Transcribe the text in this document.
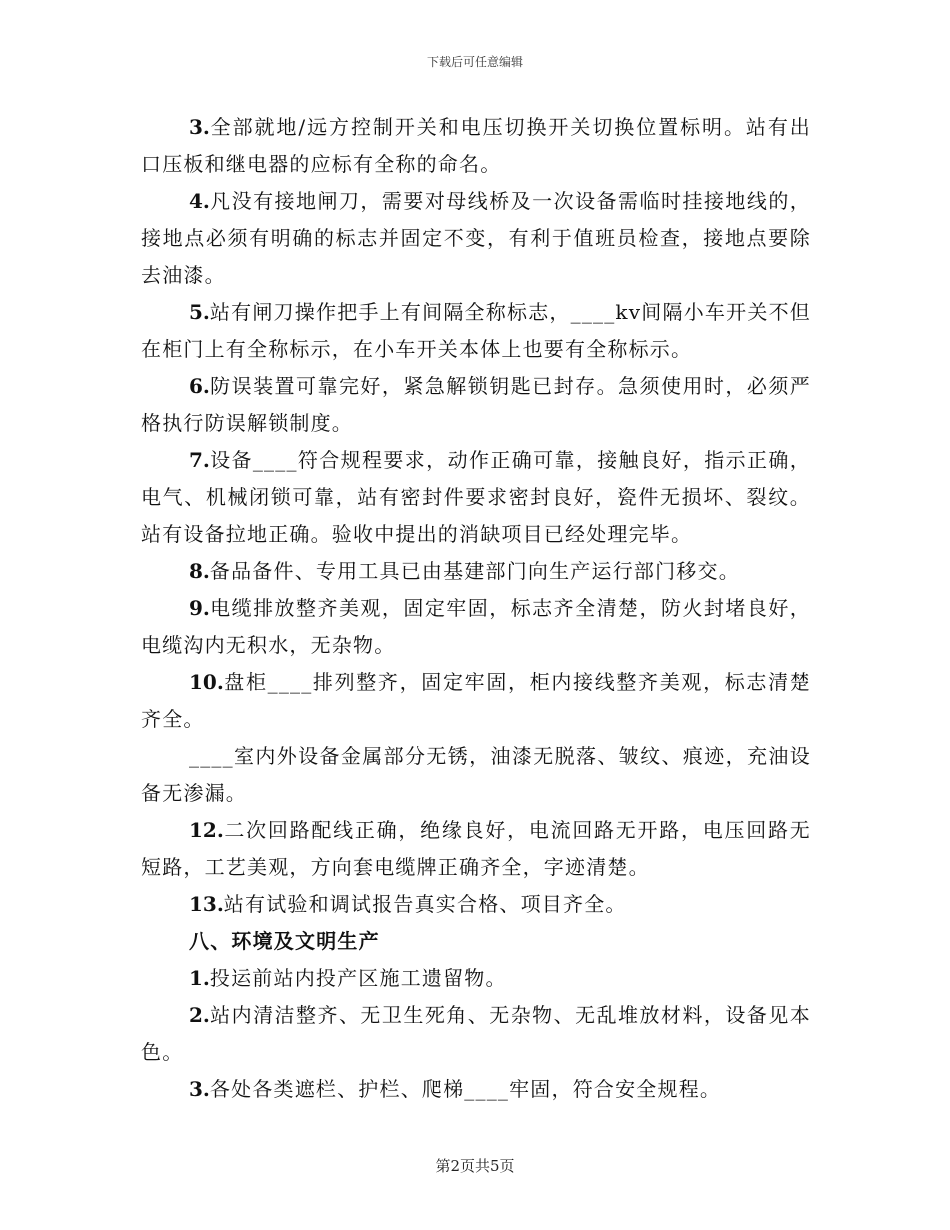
下载后可任意编辑

3.全部就地/远方控制开关和电压切换开关切换位置标明。站有出口压板和继电器的应标有全称的命名。

4.凡没有接地闸刀，需要对母线桥及一次设备需临时挂接地线的，接地点必须有明确的标志并固定不变，有利于值班员检查，接地点要除去油漆。

5.站有闸刀操作把手上有间隔全称标志，____kv间隔小车开关不但在柜门上有全称标示，在小车开关本体上也要有全称标示。

6.防误装置可靠完好，紧急解锁钥匙已封存。急须使用时，必须严格执行防误解锁制度。

7.设备____符合规程要求，动作正确可靠，接触良好，指示正确，电气、机械闭锁可靠，站有密封件要求密封良好，瓷件无损坏、裂纹。站有设备拉地正确。验收中提出的消缺项目已经处理完毕。

8.备品备件、专用工具已由基建部门向生产运行部门移交。

9.电缆排放整齐美观，固定牢固，标志齐全清楚，防火封堵良好，电缆沟内无积水，无杂物。

10.盘柜____排列整齐，固定牢固，柜内接线整齐美观，标志清楚齐全。

____室内外设备金属部分无锈，油漆无脱落、皱纹、痕迹，充油设备无渗漏。

12.二次回路配线正确，绝缘良好，电流回路无开路，电压回路无短路，工艺美观，方向套电缆牌正确齐全，字迹清楚。

13.站有试验和调试报告真实合格、项目齐全。

八、环境及文明生产

1.投运前站内投产区施工遗留物。

2.站内清洁整齐、无卫生死角、无杂物、无乱堆放材料，设备见本色。

3.各处各类遮栏、护栏、爬梯____牢固，符合安全规程。

第2页共5页
